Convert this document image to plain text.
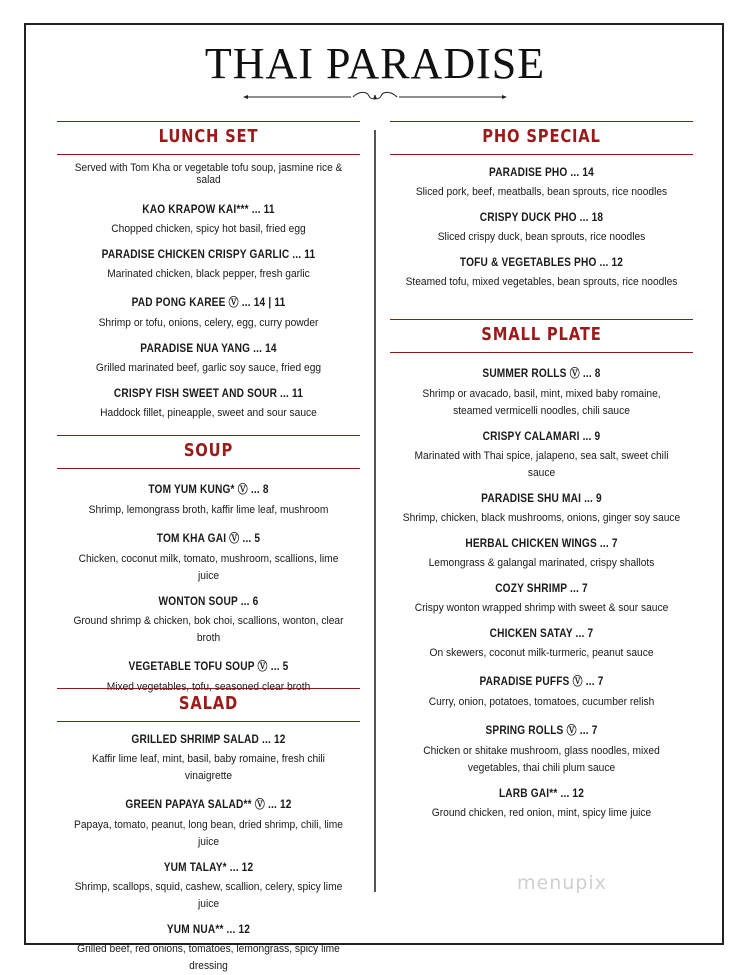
THAI PARADISE
LUNCH SET
Served with Tom Kha or vegetable tofu soup, jasmine rice & salad
KAO KRAPOW KAI*** ... 11
Chopped chicken, spicy hot basil, fried egg
PARADISE CHICKEN CRISPY GARLIC ... 11
Marinated chicken, black pepper, fresh garlic
PAD PONG KAREE Ⓥ ... 14 | 11
Shrimp or tofu, onions, celery, egg, curry powder
PARADISE NUA YANG ... 14
Grilled marinated beef, garlic soy sauce, fried egg
CRISPY FISH SWEET AND SOUR ... 11
Haddock fillet, pineapple, sweet and sour sauce
SOUP
TOM YUM KUNG* Ⓥ ... 8
Shrimp, lemongrass broth, kaffir lime leaf, mushroom
TOM KHA GAI Ⓥ ... 5
Chicken, coconut milk, tomato, mushroom, scallions, lime juice
WONTON SOUP ... 6
Ground shrimp & chicken, bok choi, scallions, wonton, clear broth
VEGETABLE TOFU SOUP Ⓥ ... 5
Mixed vegetables, tofu, seasoned clear broth
SALAD
GRILLED SHRIMP SALAD ... 12
Kaffir lime leaf, mint, basil, baby romaine, fresh chili vinaigrette
GREEN PAPAYA SALAD** Ⓥ ... 12
Papaya, tomato, peanut, long bean, dried shrimp, chili, lime juice
YUM TALAY* ... 12
Shrimp, scallops, squid, cashew, scallion, celery, spicy lime juice
YUM NUA** ... 12
Grilled beef, red onions, tomatoes, lemongrass, spicy lime dressing
PHO SPECIAL
PARADISE PHO ... 14
Sliced pork, beef, meatballs, bean sprouts, rice noodles
CRISPY DUCK PHO ... 18
Sliced crispy duck, bean sprouts, rice noodles
TOFU & VEGETABLES PHO ... 12
Steamed tofu, mixed vegetables, bean sprouts, rice noodles
SMALL PLATE
SUMMER ROLLS Ⓥ ... 8
Shrimp or avacado, basil, mint, mixed baby romaine, steamed vermicelli noodles, chili sauce
CRISPY CALAMARI ... 9
Marinated with Thai spice, jalapeno, sea salt, sweet chili sauce
PARADISE SHU MAI ... 9
Shrimp, chicken, black mushrooms, onions, ginger soy sauce
HERBAL CHICKEN WINGS ... 7
Lemongrass & galangal marinated, crispy shallots
COZY SHRIMP ... 7
Crispy wonton wrapped shrimp with sweet & sour sauce
CHICKEN SATAY ... 7
On skewers, coconut milk-turmeric, peanut sauce
PARADISE PUFFS Ⓥ ... 7
Curry, onion, potatoes, tomatoes, cucumber relish
SPRING ROLLS Ⓥ ... 7
Chicken or shitake mushroom, glass noodles, mixed vegetables, thai chili plum sauce
LARB GAI** ... 12
Ground chicken, red onion, mint, spicy lime juice
menupix
